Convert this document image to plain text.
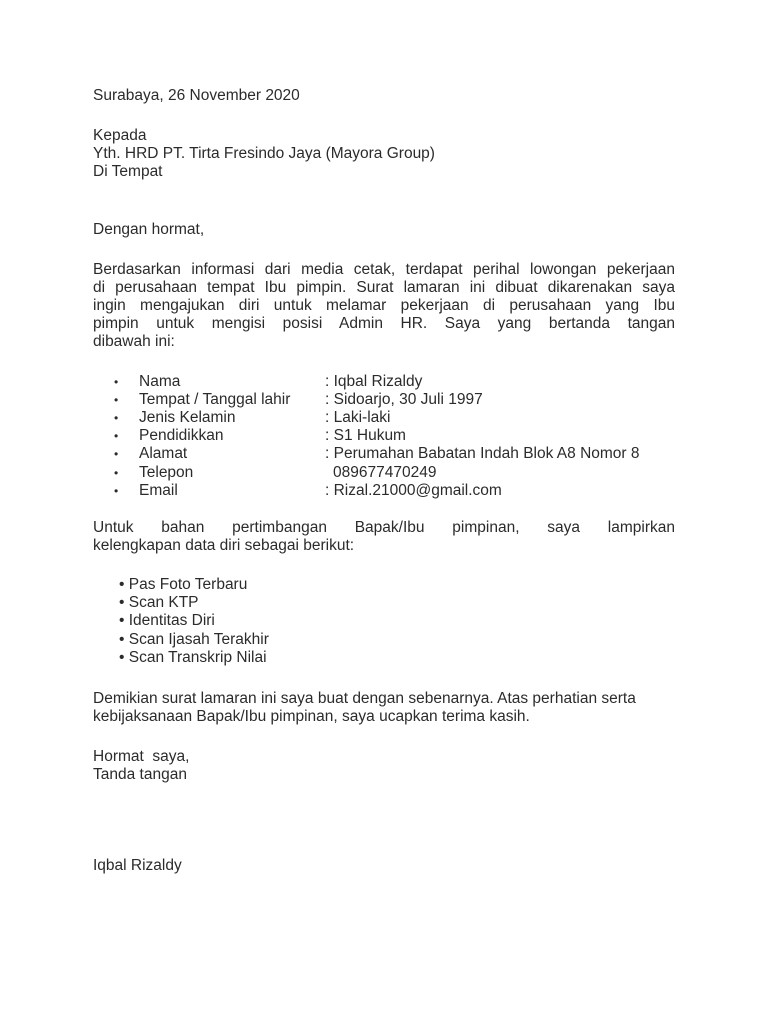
Surabaya, 26 November 2020
Kepada
Yth. HRD PT. Tirta Fresindo Jaya (Mayora Group)
Di Tempat
Dengan hormat,
Berdasarkan informasi dari media cetak, terdapat perihal lowongan pekerjaan
di perusahaan tempat Ibu pimpin. Surat lamaran ini dibuat dikarenakan saya
ingin mengajukan diri untuk melamar pekerjaan di perusahaan yang Ibu
pimpin untuk mengisi posisi Admin HR. Saya yang bertanda tangan
dibawah ini:
• Nama	: Iqbal Rizaldy
• Tempat / Tanggal lahir : Sidoarjo, 30 Juli 1997
• Jenis Kelamin	: Laki-laki
• Pendidikkan	: S1 Hukum
• Alamat	: Perumahan Babatan Indah Blok A8 Nomor 8
• Telepon	089677470249
• Email	: Rizal.21000@gmail.com
Untuk bahan pertimbangan Bapak/Ibu pimpinan, saya lampirkan
kelengkapan data diri sebagai berikut:
• Pas Foto Terbaru
• Scan KTP
• Identitas Diri
• Scan Ijasah Terakhir
• Scan Transkrip Nilai
Demikian surat lamaran ini saya buat dengan sebenarnya. Atas perhatian serta
kebijaksanaan Bapak/Ibu pimpinan, saya ucapkan terima kasih.
Hormat  saya,
Tanda tangan
Iqbal Rizaldy
